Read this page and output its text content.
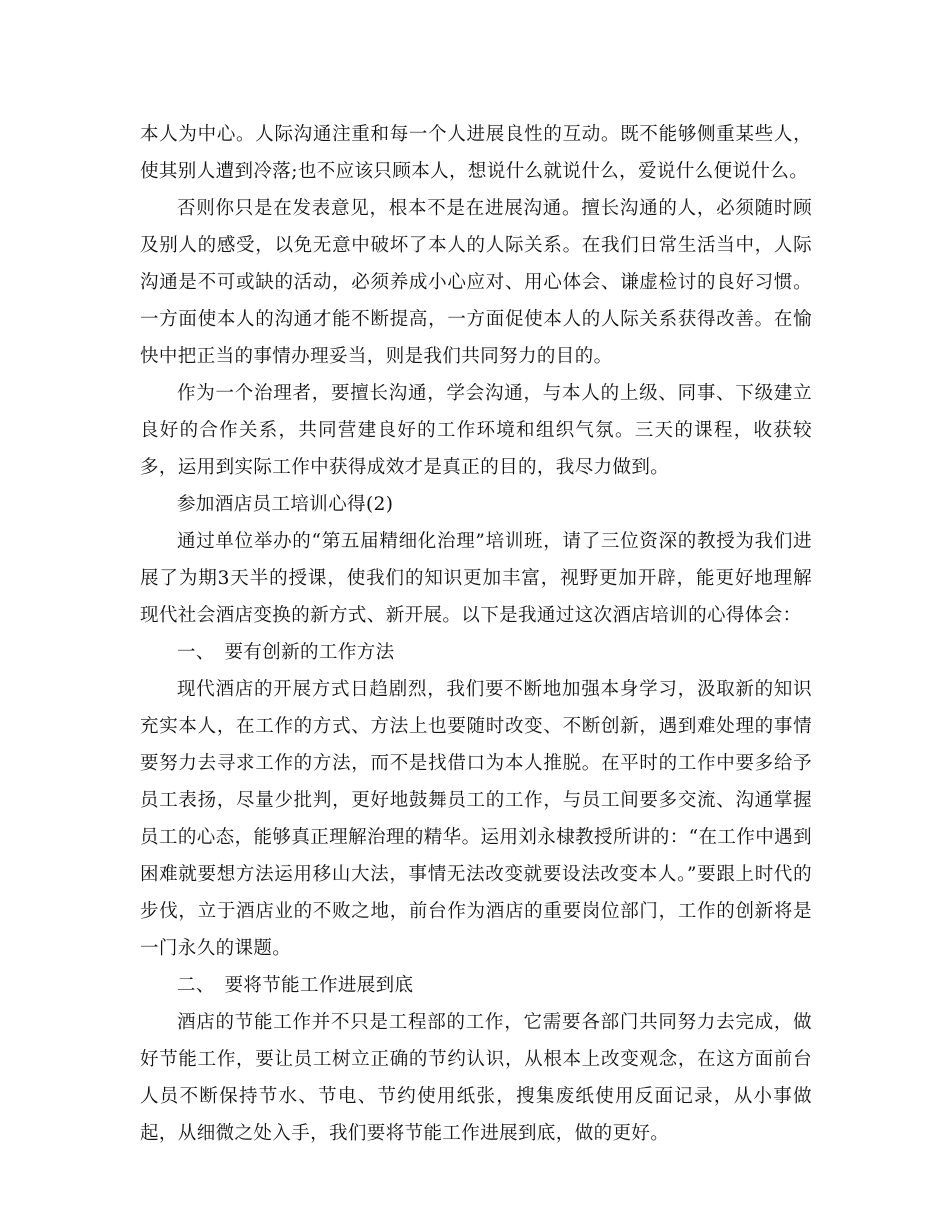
本人为中心。人际沟通注重和每一个人进展良性的互动。既不能够侧重某些人，使其别人遭到冷落;也不应该只顾本人，想说什么就说什么，爱说什么便说什么。

否则你只是在发表意见，根本不是在进展沟通。擅长沟通的人，必须随时顾及别人的感受，以免无意中破坏了本人的人际关系。在我们日常生活当中，人际沟通是不可或缺的活动，必须养成小心应对、用心体会、谦虚检讨的良好习惯。一方面使本人的沟通才能不断提高，一方面促使本人的人际关系获得改善。在愉快中把正当的事情办理妥当，则是我们共同努力的目的。

作为一个治理者，要擅长沟通，学会沟通，与本人的上级、同事、下级建立良好的合作关系，共同营建良好的工作环境和组织气氛。三天的课程，收获较多，运用到实际工作中获得成效才是真正的目的，我尽力做到。

参加酒店员工培训心得(2)

通过单位举办的“第五届精细化治理”培训班，请了三位资深的教授为我们进展了为期3天半的授课，使我们的知识更加丰富，视野更加开辟，能更好地理解现代社会酒店变换的新方式、新开展。以下是我通过这次酒店培训的心得体会：

一、　要有创新的工作方法

现代酒店的开展方式日趋剧烈，我们要不断地加强本身学习，汲取新的知识充实本人，在工作的方式、方法上也要随时改变、不断创新，遇到难处理的事情要努力去寻求工作的方法，而不是找借口为本人推脱。在平时的工作中要多给予员工表扬，尽量少批判，更好地鼓舞员工的工作，与员工间要多交流、沟通掌握员工的心态，能够真正理解治理的精华。运用刘永棣教授所讲的：“在工作中遇到困难就要想方法运用移山大法，事情无法改变就要设法改变本人。”要跟上时代的步伐，立于酒店业的不败之地，前台作为酒店的重要岗位部门，工作的创新将是一门永久的课题。

二、　要将节能工作进展到底

酒店的节能工作并不只是工程部的工作，它需要各部门共同努力去完成，做好节能工作，要让员工树立正确的节约认识，从根本上改变观念，在这方面前台人员不断保持节水、节电、节约使用纸张，搜集废纸使用反面记录，从小事做起，从细微之处入手，我们要将节能工作进展到底，做的更好。
